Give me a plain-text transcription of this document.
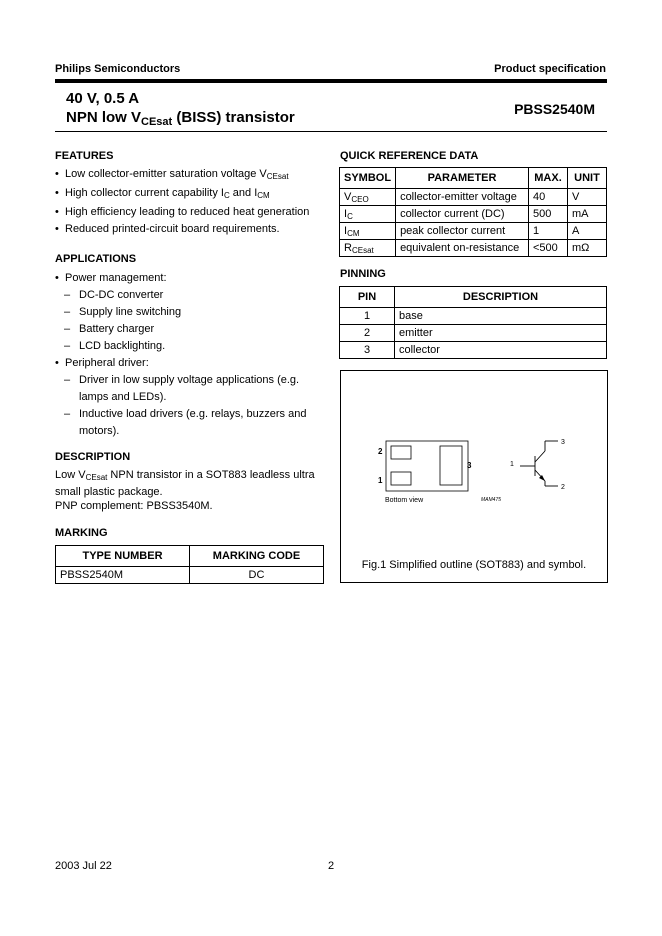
Philips Semiconductors	Product specification
40 V, 0.5 A
NPN low $V_{CEsat}$ (BISS) transistor	PBSS2540M
FEATURES
• Low collector-emitter saturation voltage $V_{CEsat}$
• High collector current capability $I_C$ and $I_{CM}$
• High efficiency leading to reduced heat generation
• Reduced printed-circuit board requirements.
APPLICATIONS
• Power management:
– DC-DC converter
– Supply line switching
– Battery charger
– LCD backlighting.
• Peripheral driver:
– Driver in low supply voltage applications (e.g. lamps and LEDs).
– Inductive load drivers (e.g. relays, buzzers and motors).
DESCRIPTION
Low $V_{CEsat}$ NPN transistor in a SOT883 leadless ultra small plastic package.
PNP complement: PBSS3540M.
MARKING
TYPE NUMBER	MARKING CODE
PBSS2540M	DC
QUICK REFERENCE DATA
SYMBOL	PARAMETER	MAX.	UNIT
$V_{CEO}$	collector-emitter voltage	40	V
$I_C$	collector current (DC)	500	mA
$I_{CM}$	peak collector current	1	A
$R_{CEsat}$	equivalent on-resistance	<500	mΩ
PINNING
PIN	DESCRIPTION
1	base
2	emitter
3	collector
2
1
3
Bottom view	MAM475
1
3
2
Fig.1 Simplified outline (SOT883) and symbol.
2003 Jul 22	2
